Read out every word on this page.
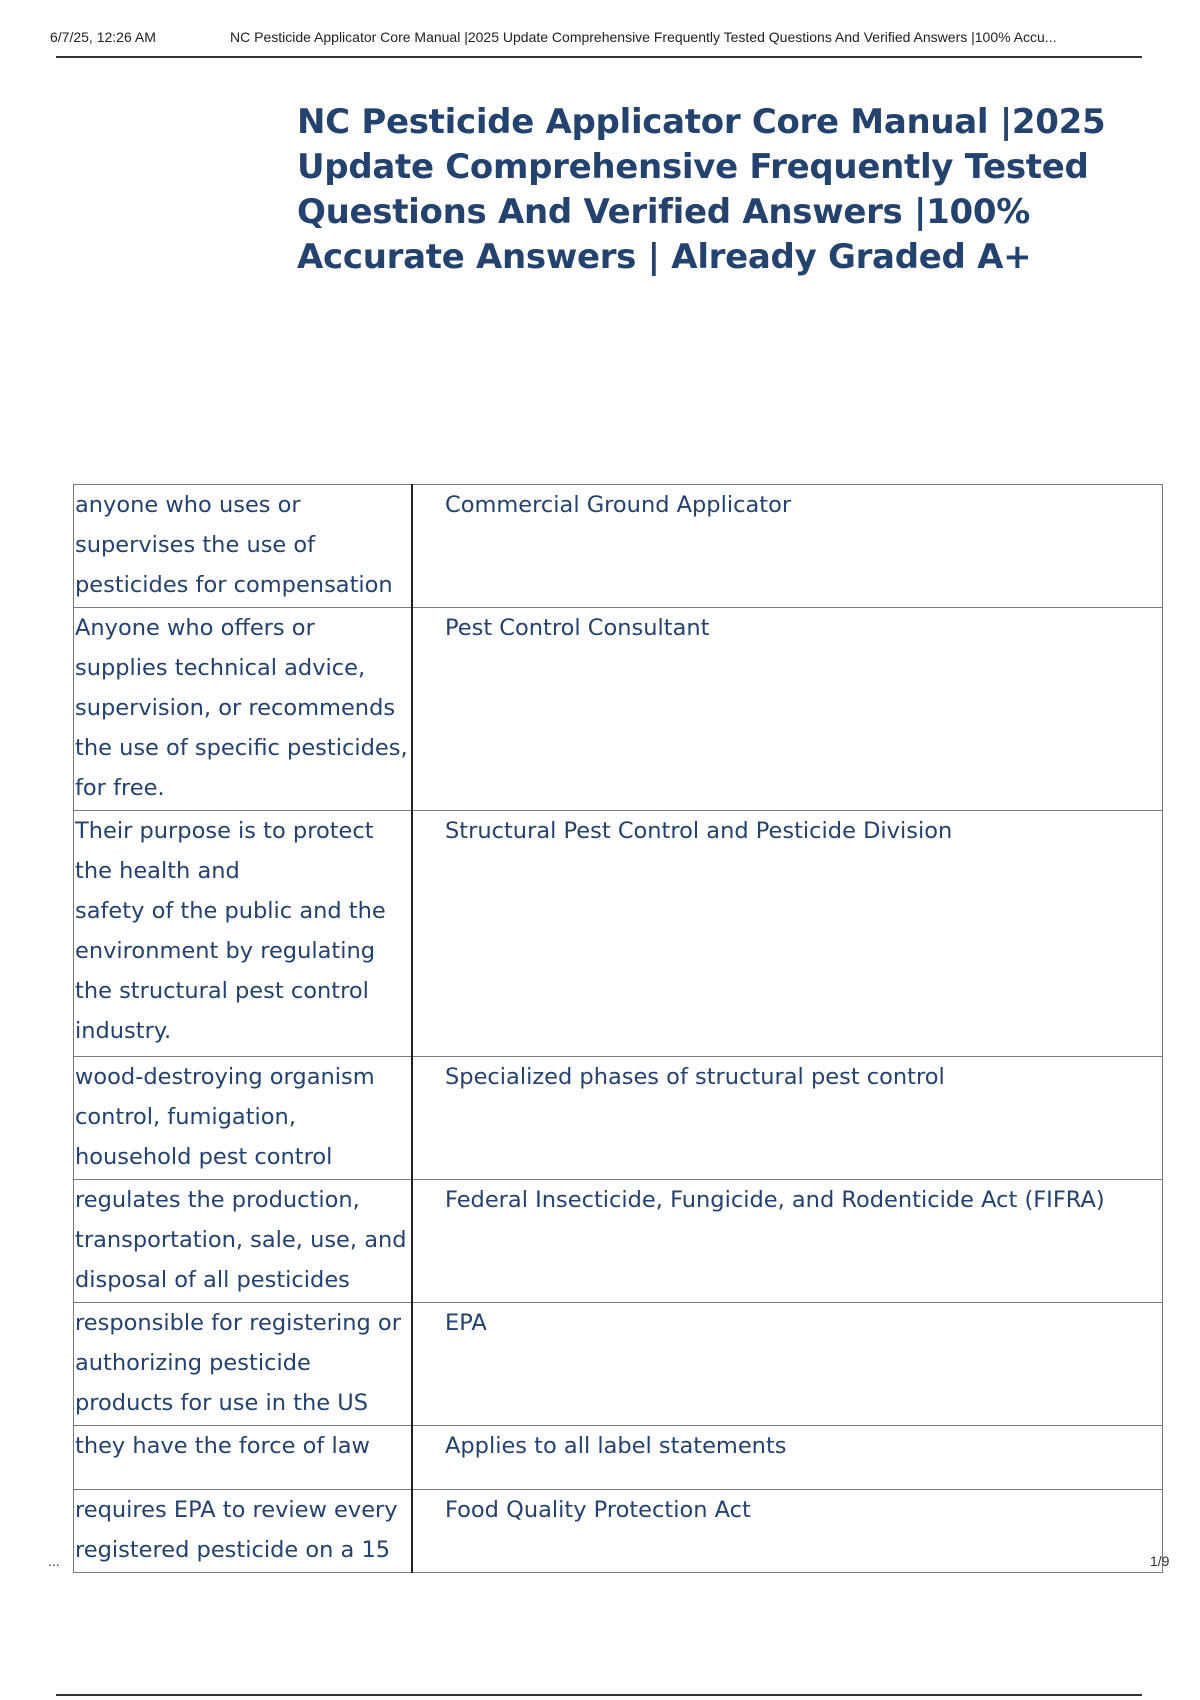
6/7/25, 12:26 AM	NC Pesticide Applicator Core Manual |2025 Update Comprehensive Frequently Tested Questions And Verified Answers |100% Accu...
NC Pesticide Applicator Core Manual |2025 Update Comprehensive Frequently Tested Questions And Verified Answers |100% Accurate Answers | Already Graded A+
anyone who uses or supervises the use of pesticides for compensation	Commercial Ground Applicator

Anyone who offers or supplies technical advice, supervision, or recommends the use of specific pesticides, for free.	Pest Control Consultant

Their purpose is to protect the health and
safety of the public and the environment by regulating the structural pest control industry.	Structural Pest Control and Pesticide Division

wood-destroying organism control, fumigation, household pest control	Specialized phases of structural pest control

regulates the production, transportation, sale, use, and disposal of all pesticides	Federal Insecticide, Fungicide, and Rodenticide Act (FIFRA)

responsible for registering or authorizing pesticide products for use in the US	EPA

they have the force of law	Applies to all label statements

requires EPA to review every registered pesticide on a 15	Food Quality Protection Act
...	1/9
